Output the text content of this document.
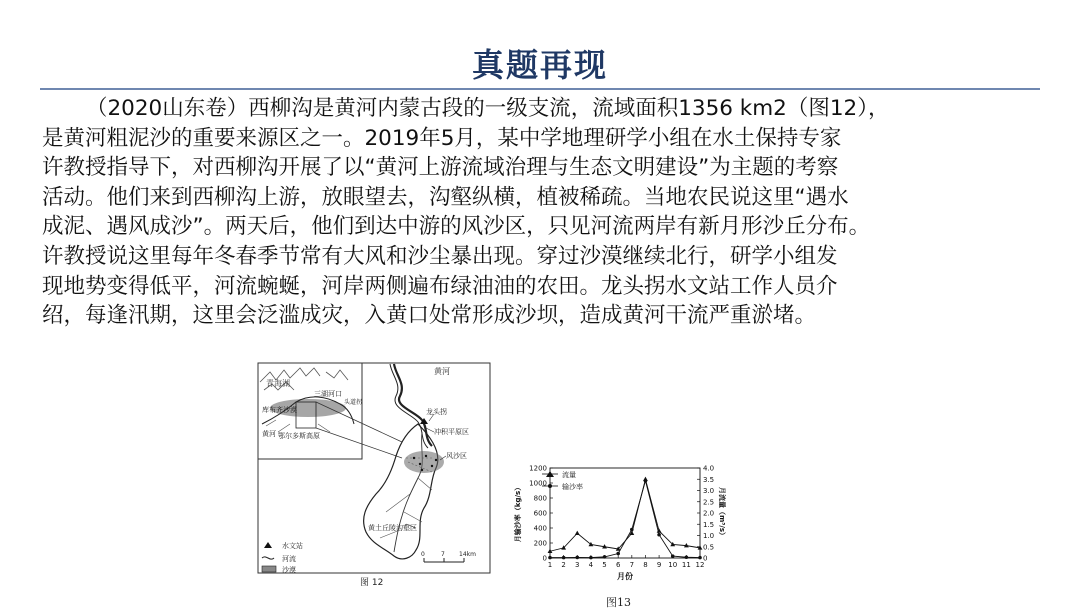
真题再现
（2020山东卷）西柳沟是黄河内蒙古段的一级支流，流域面积1356 km2（图12），
是黄河粗泥沙的重要来源区之一。2019年5月，某中学地理研学小组在水土保持专家
许教授指导下，对西柳沟开展了以“黄河上游流域治理与生态文明建设”为主题的考察
活动。他们来到西柳沟上游，放眼望去，沟壑纵横，植被稀疏。当地农民说这里“遇水
成泥、遇风成沙”。两天后，他们到达中游的风沙区，只见河流两岸有新月形沙丘分布。
许教授说这里每年冬春季节常有大风和沙尘暴出现。穿过沙漠继续北行，研学小组发
现地势变得低平，河流蜿蜒，河岸两侧遍布绿油油的农田。龙头拐水文站工作人员介
绍，每逢汛期，这里会泛滥成灾，入黄口处常形成沙坝，造成黄河干流严重淤堵。
青海湖
三湖河口
头道拐
库布齐沙漠
黄河 鄂尔多斯高原
黄河
龙头拐
冲积平原区
风沙区
黄土丘陵沟壑区
水文站
河流
沙漠
0	7 14km
图 12
0
200
400
600
800
1000
1200
0
0.5
1.0
1.5
2.0
2.5
3.0
3.5
4.0
1 2 3 4 5 6 7 8 9 10 11 12
月份
月输沙率（kg/s）	月流量（m³/s）
流量
输沙率
图13
